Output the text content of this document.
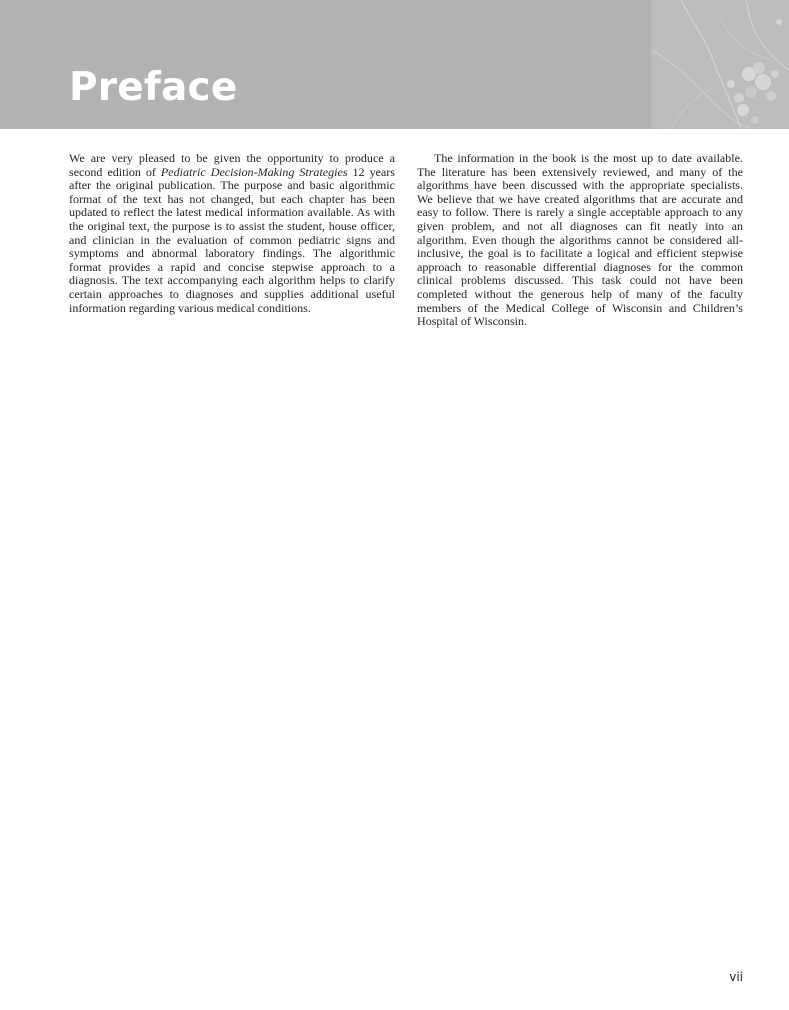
Preface

We are very pleased to be given the opportunity to produce a second edition of Pediatric Decision-Making Strategies 12 years after the original publication. The purpose and basic algorithmic format of the text has not changed, but each chapter has been updated to reflect the latest medical information available. As with the original text, the purpose is to assist the student, house officer, and clinician in the evaluation of common pediatric signs and symptoms and abnormal laboratory findings. The algorithmic format provides a rapid and concise stepwise approach to a diagnosis. The text accompanying each algorithm helps to clarify certain approaches to diagnoses and supplies additional useful information regarding various medical conditions.

The information in the book is the most up to date available. The literature has been extensively reviewed, and many of the algorithms have been discussed with the appropriate specialists. We believe that we have created algorithms that are accurate and easy to follow. There is rarely a single acceptable approach to any given problem, and not all diagnoses can fit neatly into an algorithm. Even though the algorithms cannot be considered all-inclusive, the goal is to facilitate a logical and efficient stepwise approach to reasonable differential diagnoses for the common clinical problems discussed. This task could not have been completed without the generous help of many of the faculty members of the Medical College of Wisconsin and Children’s Hospital of Wisconsin.

vii
